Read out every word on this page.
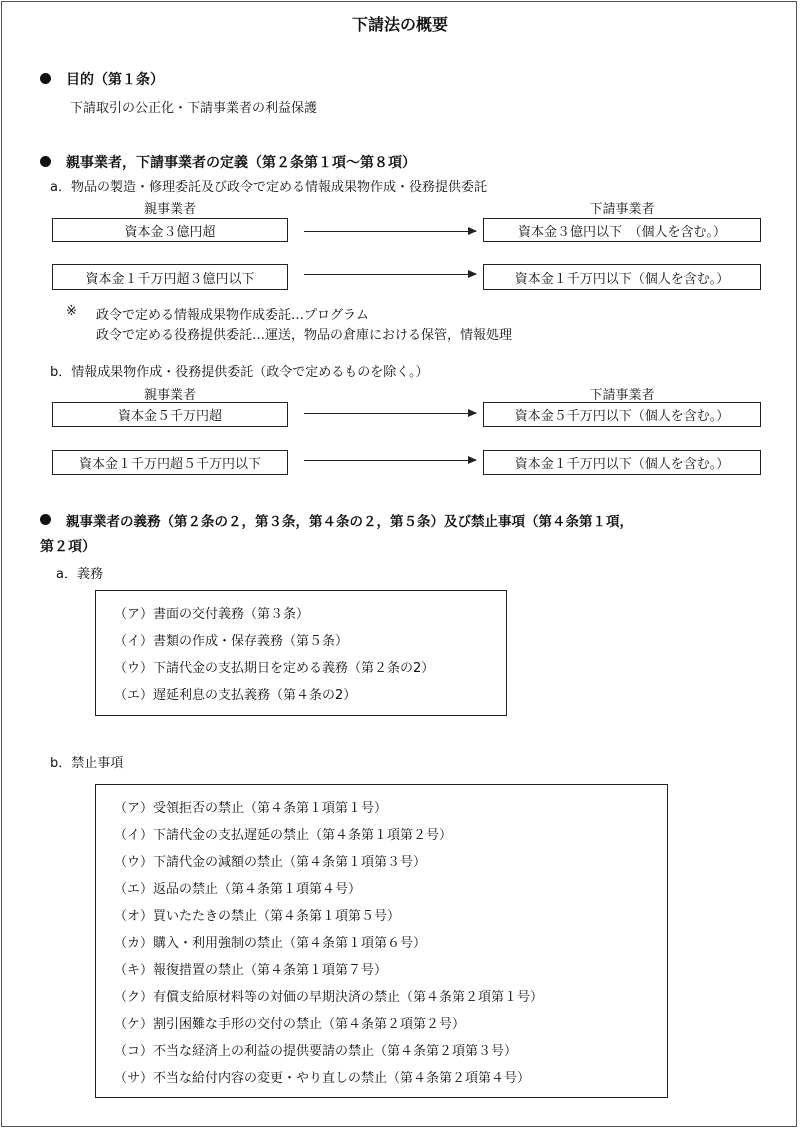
下請法の概要
目的（第１条）
下請取引の公正化・下請事業者の利益保護
親事業者，下請事業者の定義（第２条第１項～第８項）
a．物品の製造・修理委託及び政令で定める情報成果物作成・役務提供委託
親事業者	下請事業者
資本金３億円超	資本金３億円以下　（個人を含む。）
資本金１千万円超３億円以下	資本金１千万円以下（個人を含む。）
※ 政令で定める情報成果物作成委託…プログラム
政令で定める役務提供委託…運送，物品の倉庫における保管，情報処理
b．情報成果物作成・役務提供委託（政令で定めるものを除く。）
親事業者	下請事業者
資本金５千万円超	資本金５千万円以下（個人を含む。）
資本金１千万円超５千万円以下	資本金１千万円以下（個人を含む。）
親事業者の義務（第２条の２，第３条，第４条の２，第５条）及び禁止事項（第４条第１項，
第２項）
a．義務
（ア）書面の交付義務（第３条）
（イ）書類の作成・保存義務（第５条）
（ウ）下請代金の支払期日を定める義務（第２条の2）
（エ）遅延利息の支払義務（第４条の2）
b．禁止事項
（ア）受領拒否の禁止（第４条第１項第１号）
（イ）下請代金の支払遅延の禁止（第４条第１項第２号）
（ウ）下請代金の減額の禁止（第４条第１項第３号）
（エ）返品の禁止（第４条第１項第４号）
（オ）買いたたきの禁止（第４条第１項第５号）
（カ）購入・利用強制の禁止（第４条第１項第６号）
（キ）報復措置の禁止（第４条第１項第７号）
（ク）有償支給原材料等の対価の早期決済の禁止（第４条第２項第１号）
（ケ）割引困難な手形の交付の禁止（第４条第２項第２号）
（コ）不当な経済上の利益の提供要請の禁止（第４条第２項第３号）
（サ）不当な給付内容の変更・やり直しの禁止（第４条第２項第４号）
